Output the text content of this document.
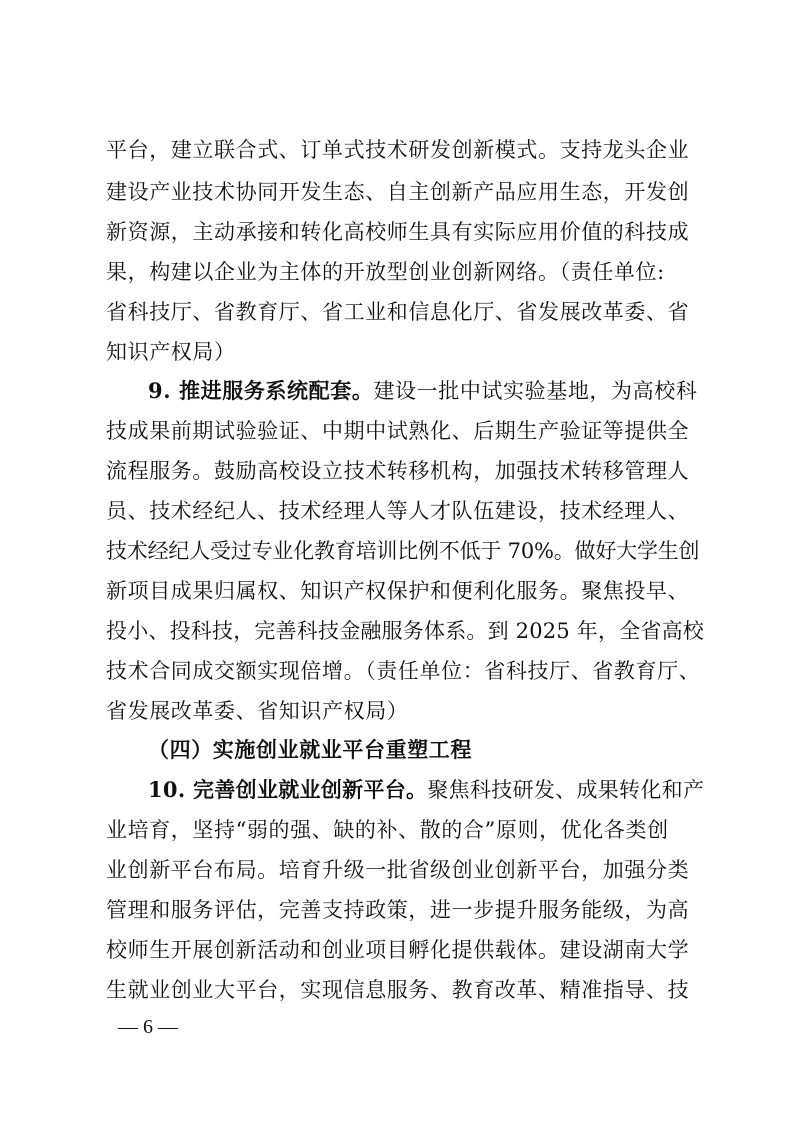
平台，建立联合式、订单式技术研发创新模式。支持龙头企业
建设产业技术协同开发生态、自主创新产品应用生态，开发创
新资源，主动承接和转化高校师生具有实际应用价值的科技成
果，构建以企业为主体的开放型创业创新网络。（责任单位:
省科技厅、省教育厅、省工业和信息化厅、省发展改革委、省
知识产权局）
9. 推进服务系统配套。建设一批中试实验基地，为高校科
技成果前期试验验证、中期中试熟化、后期生产验证等提供全
流程服务。鼓励高校设立技术转移机构，加强技术转移管理人
员、技术经纪人、技术经理人等人才队伍建设，技术经理人、
技术经纪人受过专业化教育培训比例不低于 70%。做好大学生创
新项目成果归属权、知识产权保护和便利化服务。聚焦投早、
投小、投科技，完善科技金融服务体系。到 2025 年，全省高校
技术合同成交额实现倍增。（责任单位：省科技厅、省教育厅、
省发展改革委、省知识产权局）
（四）实施创业就业平台重塑工程
10. 完善创业就业创新平台。聚焦科技研发、成果转化和产
业培育，坚持“弱的强、缺的补、散的合”原则，优化各类创
业创新平台布局。培育升级一批省级创业创新平台，加强分类
管理和服务评估，完善支持政策，进一步提升服务能级，为高
校师生开展创新活动和创业项目孵化提供载体。建设湖南大学
生就业创业大平台，实现信息服务、教育改革、精准指导、技
— 6 —
